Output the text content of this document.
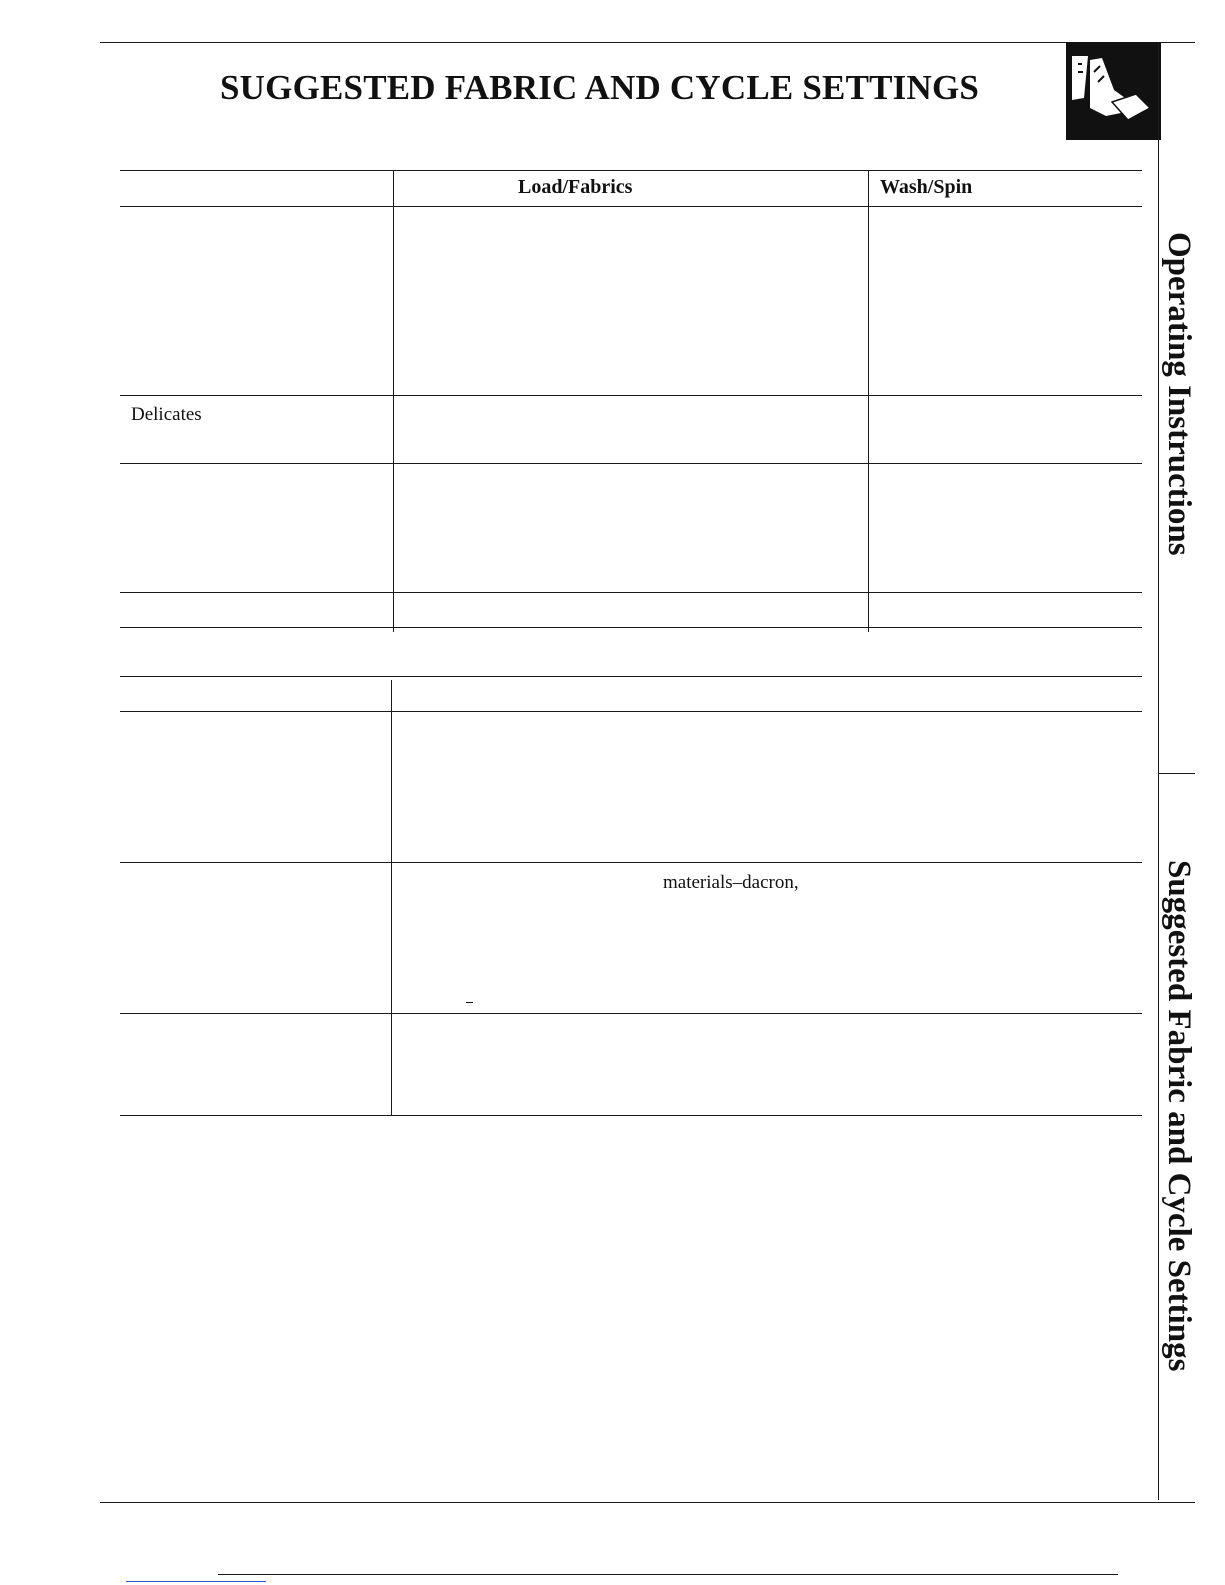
SUGGESTED FABRIC AND CYCLE SETTINGS
Load/Fabrics	Wash/Spin
Delicates
materials–dacron,
Operating Instructions
Suggested Fabric and Cycle Settings
